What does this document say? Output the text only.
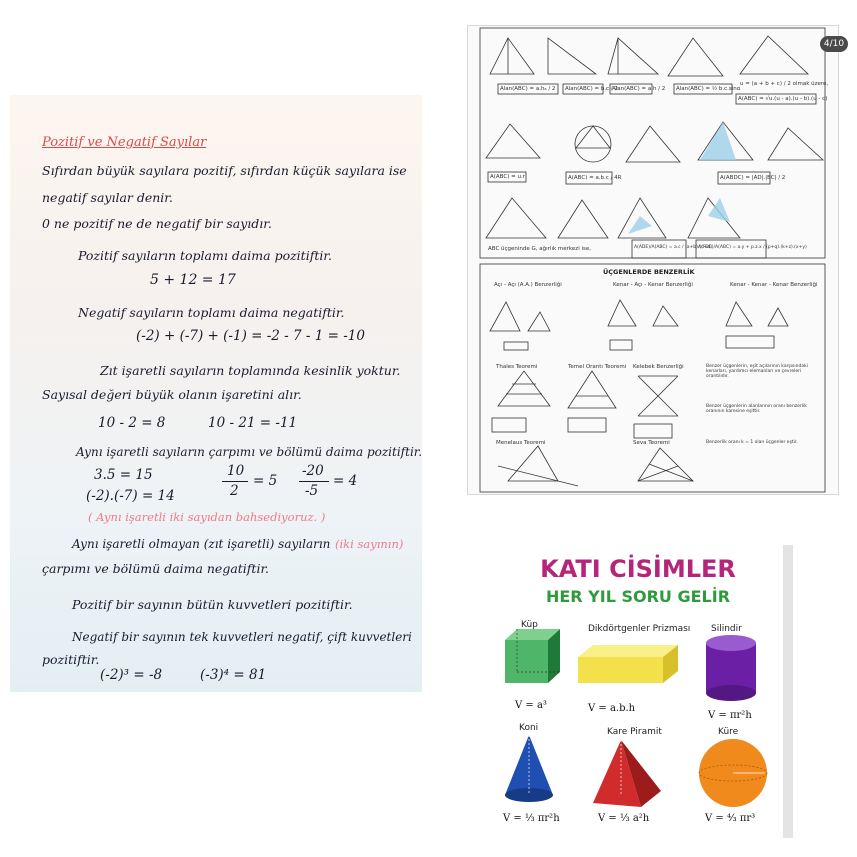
Pozitif ve Negatif Sayılar
Sıfırdan büyük sayılara pozitif, sıfırdan küçük sayılara ise
negatif sayılar denir.
0 ne pozitif ne de negatif bir sayıdır.
Pozitif sayıların toplamı daima pozitiftir.
5 + 12 = 17
Negatif sayıların toplamı daima negatiftir.
(-2) + (-7) + (-1) = -2 - 7 - 1 = -10
Zıt işaretli sayıların toplamında kesinlik yoktur.
Sayısal değeri büyük olanın işaretini alır.
10 - 2 = 8	10 - 21 = -11
Aynı işaretli sayıların çarpımı ve bölümü daima pozitiftir.
3.5 = 15
(-2).(-7) = 14
10
2
= 5
-20
-5
= 4
( Aynı işaretli iki sayıdan bahsediyoruz. )
Aynı işaretli olmayan (zıt işaretli) sayıların (iki sayının)
çarpımı ve bölümü daima negatiftir.
Pozitif bir sayının bütün kuvvetleri pozitiftir.
Negatif bir sayının tek kuvvetleri negatif, çift kuvvetleri
pozitiftir.
(-2)³ = -8	(-3)⁴ = 81
Alan(ABC) = a.hₐ / 2 Alan(ABC) = b.c / 2
Alan(ABC) = a.h / 2 Alan(ABC) = ½ b.c.sinα
u = (a + b + c) / 2 olmak üzere,
A(ABC) = √u.(u - a).(u - b).(u - c)
A(ABC) = u.r	A(ABC) = a.b.c / 4R	A(ABDC) = |AD|.|BC| / 2
ABC üçgeninde G, ağırlık merkezi ise,	A(ADE)/A(ABC) = a.c / (a+b).(c+d)
A(FDE)/A(ABC) = a.y + p.z.x / (p+q).(k+z).(x+y)
ÜÇGENLERDE BENZERLİK
Açı - Açı (A.A.) Benzerliği	Kenar - Açı - Kenar Benzerliği	Kenar - Kenar - Kenar Benzerliği
Thales Teoremi	Temel Orantı Teoremi Kelebek Benzerliği
Menelaus Teoremi	Seva Teoremi
Benzer üçgenlerin, eşit açılarının karşısındaki kenarları, yardımcı elemanları ve çevreleri orantılıdır.
Benzer üçgenlerin alanlarının oranı benzerlik oranının karesine eşittir.
Benzerlik oranı k = 1 olan üçgenler eştir.
4/10
KATI CİSİMLER
HER YIL SORU GELİR
Küp	Dikdörtgenler Prizması Silindir
Koni	Kare Piramit	Küre
V = a³	V = a.b.h
V = πr²h
V = ⅓ πr²h	V = ⅓ a²h	V = ⁴⁄₃ πr³
